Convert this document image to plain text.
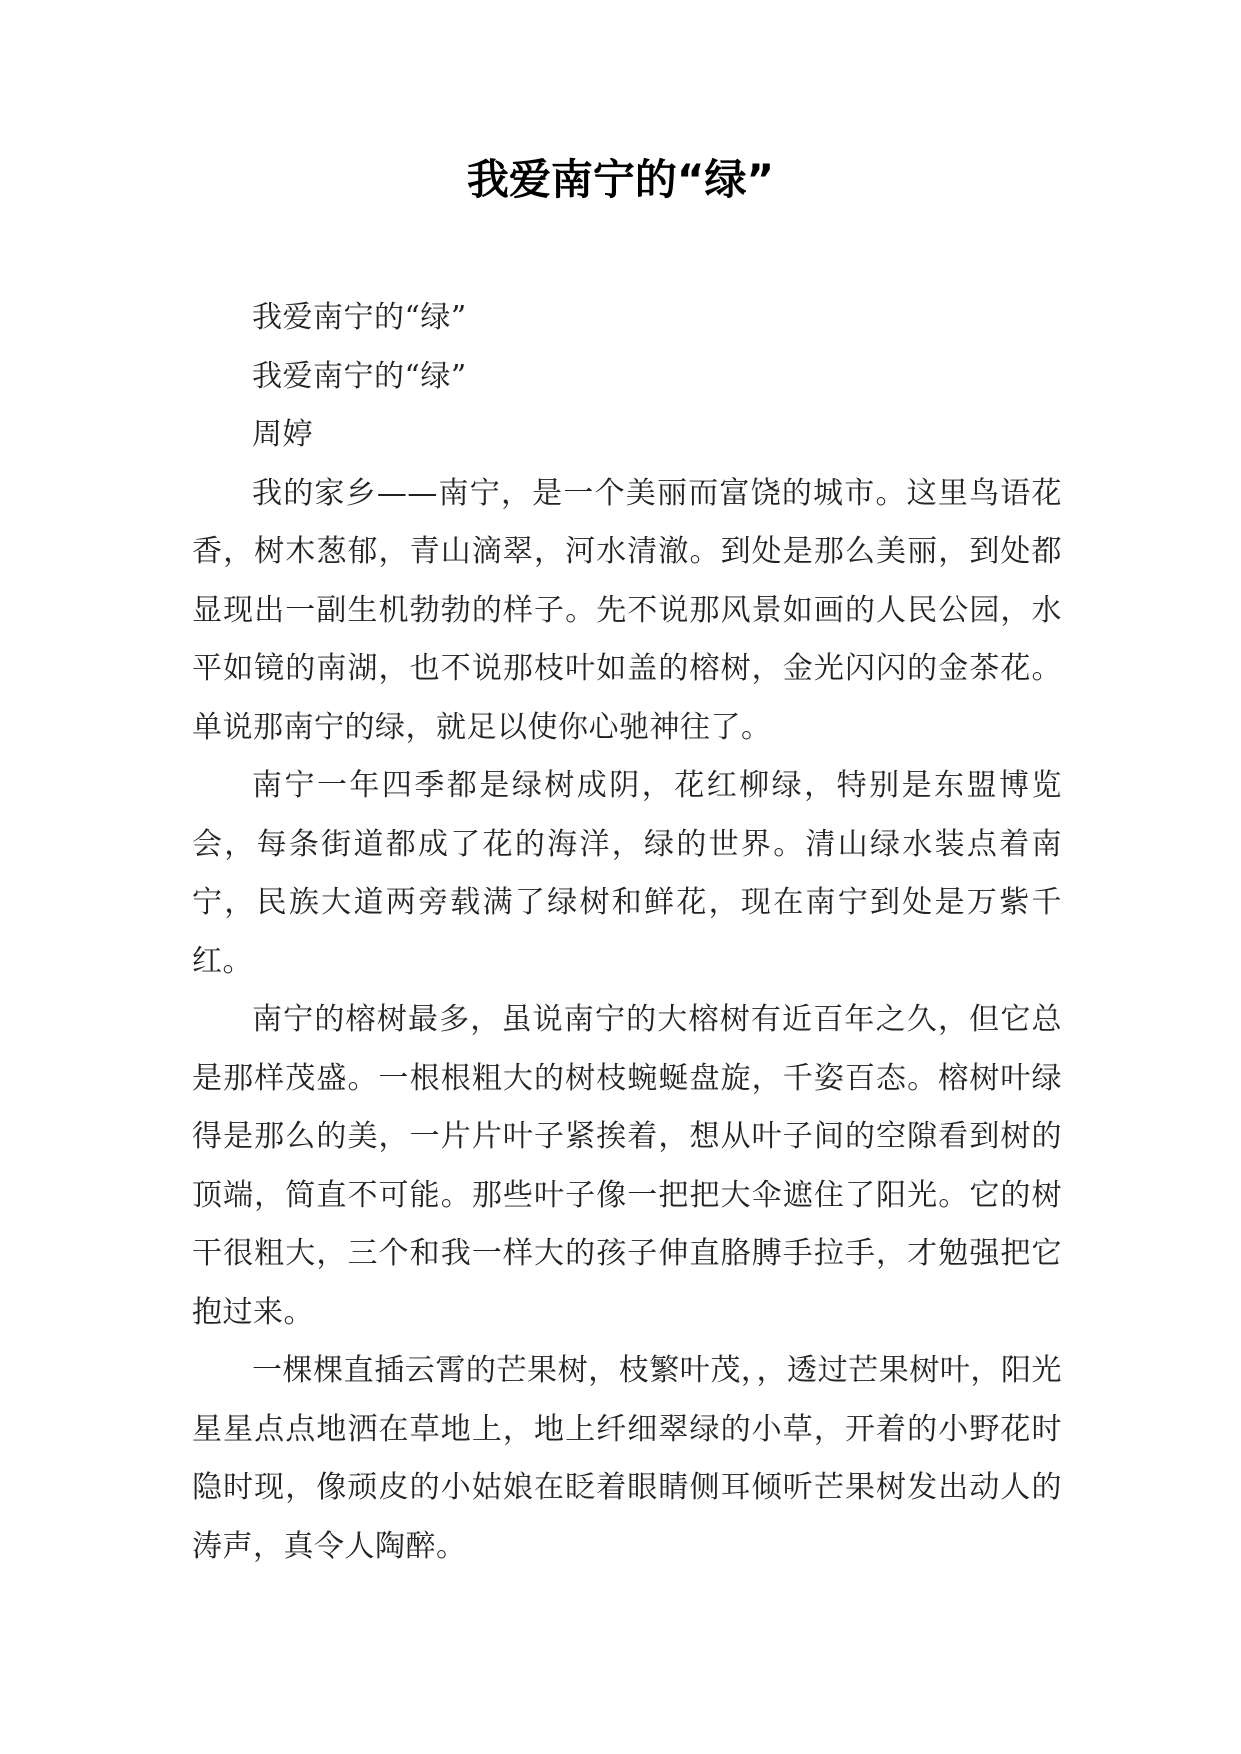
我爱南宁的“绿”

我爱南宁的“绿”

我爱南宁的“绿”

周婷

我的家乡——南宁，是一个美丽而富饶的城市。这里鸟语花香，树木葱郁，青山滴翠，河水清澈。到处是那么美丽，到处都显现出一副生机勃勃的样子。先不说那风景如画的人民公园，水平如镜的南湖，也不说那枝叶如盖的榕树，金光闪闪的金茶花。单说那南宁的绿，就足以使你心驰神往了。

南宁一年四季都是绿树成阴，花红柳绿，特别是东盟博览会，每条街道都成了花的海洋，绿的世界。清山绿水装点着南宁，民族大道两旁载满了绿树和鲜花，现在南宁到处是万紫千红。

南宁的榕树最多，虽说南宁的大榕树有近百年之久，但它总是那样茂盛。一根根粗大的树枝蜿蜒盘旋，千姿百态。榕树叶绿得是那么的美，一片片叶子紧挨着，想从叶子间的空隙看到树的顶端，简直不可能。那些叶子像一把把大伞遮住了阳光。它的树干很粗大，三个和我一样大的孩子伸直胳膊手拉手，才勉强把它抱过来。

一棵棵直插云霄的芒果树，枝繁叶茂，，透过芒果树叶，阳光星星点点地洒在草地上，地上纤细翠绿的小草，开着的小野花时隐时现，像顽皮的小姑娘在眨着眼睛侧耳倾听芒果树发出动人的涛声，真令人陶醉。
